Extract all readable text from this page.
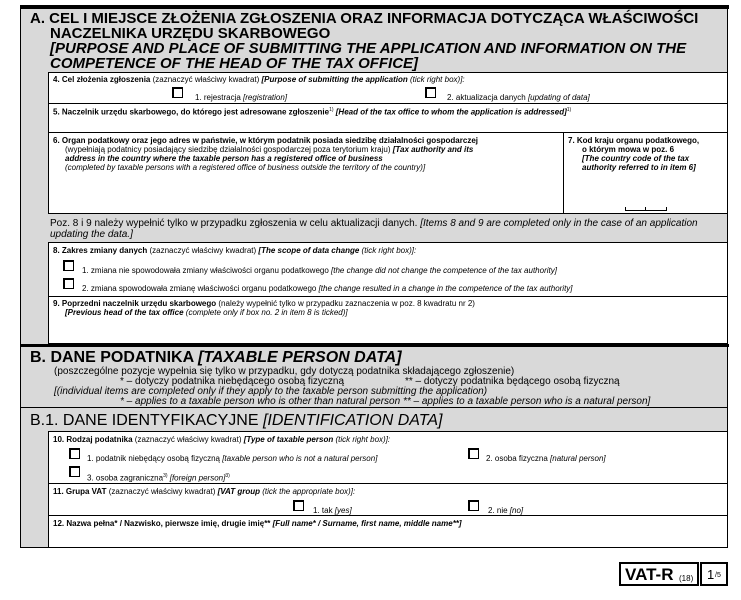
A. CEL I MIEJSCE ZŁOŻENIA ZGŁOSZENIA ORAZ INFORMACJA DOTYCZĄCA WŁAŚCIWOŚCI
NACZELNIKA URZĘDU SKARBOWEGO
[PURPOSE AND PLACE OF SUBMITTING THE APPLICATION AND INFORMATION ON THE
COMPETENCE OF THE HEAD OF THE TAX OFFICE]
4. Cel złożenia zgłoszenia (zaznaczyć właściwy kwadrat) [Purpose of submitting the application (tick right box)]:
1. rejestracja [registration]	2. aktualizacja danych [updating of data]
5. Naczelnik urzędu skarbowego, do którego jest adresowane zgłoszenie$^{1)}$ [Head of the tax office to whom the application is addressed]$^{1)}$
6. Organ podatkowy oraz jego adres w państwie, w którym podatnik posiada siedzibę działalności gospodarczej
(wypełniają podatnicy posiadający siedzibę działalności gospodarczej poza terytorium kraju) [Tax authority and its
address in the country where the taxable person has a registered office of business
(completed by taxable persons with a registered office of business outside the territory of the country)]
7. Kod kraju organu podatkowego,
o którym mowa w poz. 6
[The country code of the tax
authority referred to in item 6]
Poz. 8 i 9 należy wypełnić tylko w przypadku zgłoszenia w celu aktualizacji danych. [Items 8 and 9 are completed only in the case of an application
updating the data.]
8. Zakres zmiany danych (zaznaczyć właściwy kwadrat) [The scope of data change (tick right box)]:
1. zmiana nie spowodowała zmiany właściwości organu podatkowego [the change did not change the competence of the tax authority]
2. zmiana spowodowała zmianę właściwości organu podatkowego [the change resulted in a change in the competence of the tax authority]
9. Poprzedni naczelnik urzędu skarbowego (należy wypełnić tylko w przypadku zaznaczenia w poz. 8 kwadratu nr 2)
[Previous head of the tax office (complete only if box no. 2 in item 8 is ticked)]
B. DANE PODATNIKA [TAXABLE PERSON DATA]
(poszczególne pozycje wypełnia się tylko w przypadku, gdy dotyczą podatnika składającego zgłoszenie)
* – dotyczy podatnika niebędącego osobą fizyczną	** – dotyczy podatnika będącego osobą fizyczną
[(individual items are completed only if they apply to the taxable person submitting the application)
* – applies to a taxable person who is other than natural person ** – applies to a taxable person who is a natural person]
B.1. DANE IDENTYFIKACYJNE [IDENTIFICATION DATA]
10. Rodzaj podatnika (zaznaczyć właściwy kwadrat) [Type of taxable person (tick right box)]:
1. podatnik niebędący osobą fizyczną [taxable person who is not a natural person]	2. osoba fizyczna [natural person]
3. osoba zagraniczna$^{3)}$ [foreign person]$^{3)}$
11. Grupa VAT (zaznaczyć właściwy kwadrat) [VAT group (tick the appropriate box)]:
1. tak [yes]	2. nie [no]
12. Nazwa pełna* / Nazwisko, pierwsze imię, drugie imię** [Full name* / Surname, first name, middle name**]
VAT-R (18) 1 /5
